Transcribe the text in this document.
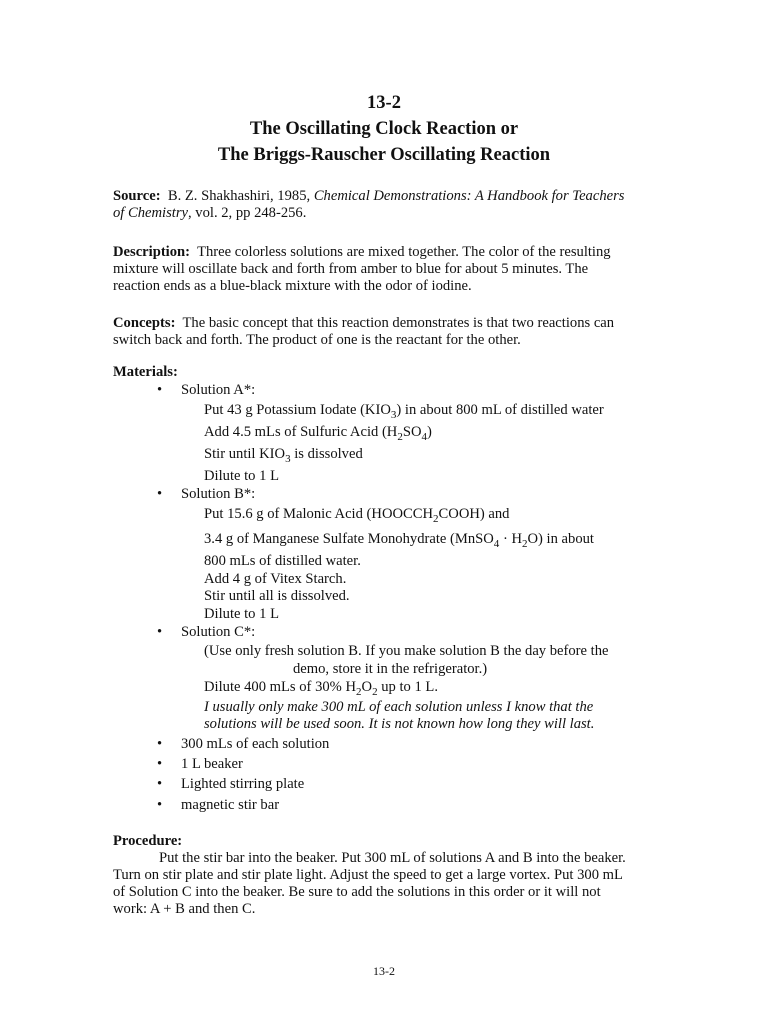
13-2
The Oscillating Clock Reaction or
The Briggs-Rauscher Oscillating Reaction
Source: B. Z. Shakhashiri, 1985, Chemical Demonstrations: A Handbook for Teachers
of Chemistry, vol. 2, pp 248-256.
Description: Three colorless solutions are mixed together. The color of the resulting
mixture will oscillate back and forth from amber to blue for about 5 minutes. The
reaction ends as a blue-black mixture with the odor of iodine.
Concepts: The basic concept that this reaction demonstrates is that two reactions can
switch back and forth. The product of one is the reactant for the other.
Materials:
Solution A*:
Put 43 g Potassium Iodate $(KIO_3)$ in about 800 mL of distilled water
Add 4.5 mLs of Sulfuric Acid $(H_2SO_4)$
Stir until $KIO_3$ is dissolved
Dilute to 1 L
Solution B*:
Put 15.6 g of Malonic Acid $(HOOCCH_2COOH)$ and
3.4 g of Manganese Sulfate Monohydrate (MnSO$_4$ · $H_2O$) in about
800 mLs of distilled water.
Add 4 g of Vitex Starch.
Stir until all is dissolved.
Dilute to 1 L
Solution C*:
(Use only fresh solution B. If you make solution B the day before the
demo, store it in the refrigerator.)
Dilute 400 mLs of 30% $H_2O_2$ up to 1 L.
I usually only make 300 mL of each solution unless I know that the
solutions will be used soon. It is not known how long they will last.
300 mLs of each solution
1 L beaker
Lighted stirring plate
magnetic stir bar
Procedure:
Put the stir bar into the beaker. Put 300 mL of solutions A and B into the beaker.
Turn on stir plate and stir plate light. Adjust the speed to get a large vortex. Put 300 mL
of Solution C into the beaker. Be sure to add the solutions in this order or it will not
work: A + B and then C.
13-2
